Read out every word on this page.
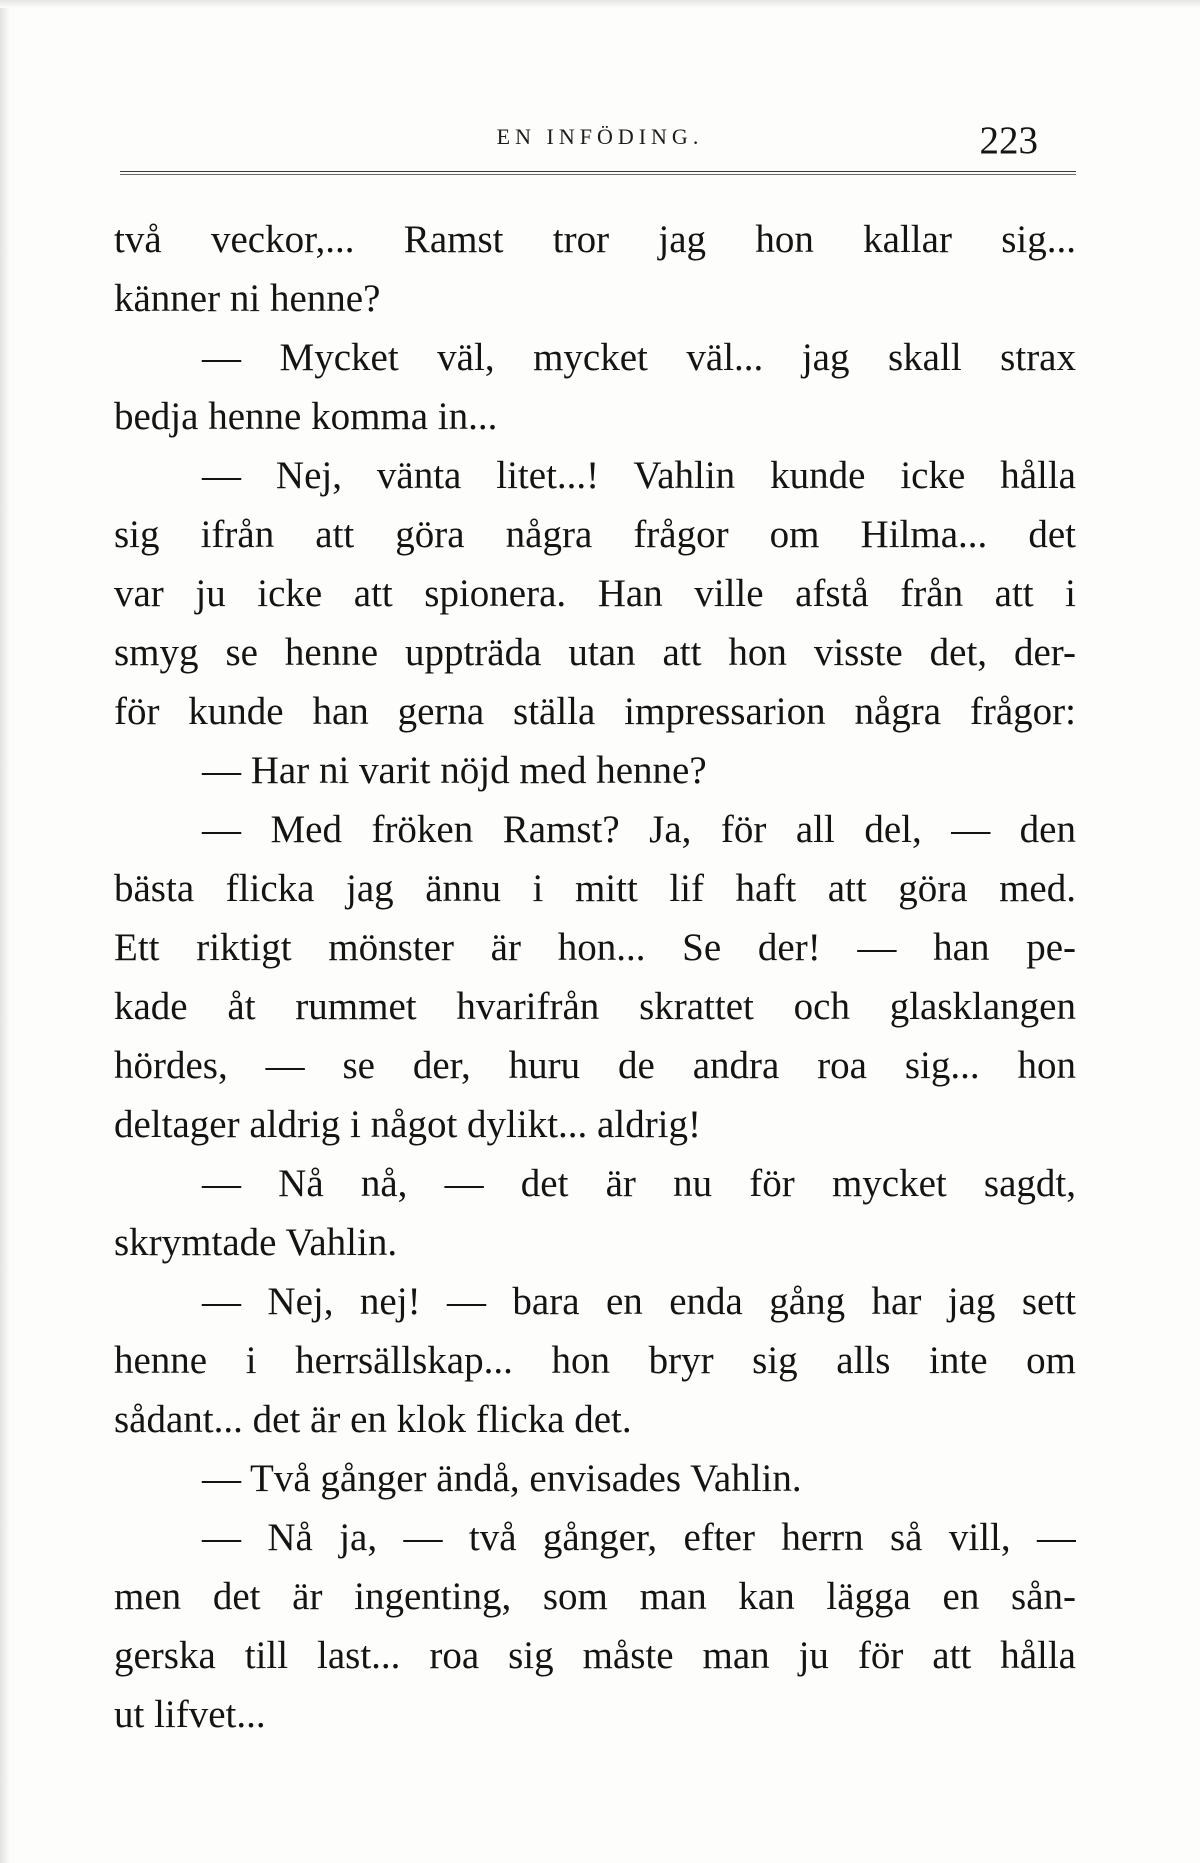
EN INFÖDING.	223
två veckor,... Ramst tror jag hon kallar sig...
känner ni henne?
— Mycket väl, mycket väl... jag skall strax
bedja henne komma in...
— Nej, vänta litet...! Vahlin kunde icke hålla
sig ifrån att göra några frågor om Hilma... det
var ju icke att spionera. Han ville afstå från att i
smyg se henne uppträda utan att hon visste det, der-
för kunde han gerna ställa impressarion några frågor:
— Har ni varit nöjd med henne?
— Med fröken Ramst? Ja, för all del, — den
bästa flicka jag ännu i mitt lif haft att göra med.
Ett riktigt mönster är hon... Se der! — han pe-
kade åt rummet hvarifrån skrattet och glasklangen
hördes, — se der, huru de andra roa sig... hon
deltager aldrig i något dylikt... aldrig!
— Nå nå, — det är nu för mycket sagdt,
skrymtade Vahlin.
— Nej, nej! — bara en enda gång har jag sett
henne i herrsällskap... hon bryr sig alls inte om
sådant... det är en klok flicka det.
— Två gånger ändå, envisades Vahlin.
— Nå ja, — två gånger, efter herrn så vill, —
men det är ingenting, som man kan lägga en sån-
gerska till last... roa sig måste man ju för att hålla
ut lifvet...
